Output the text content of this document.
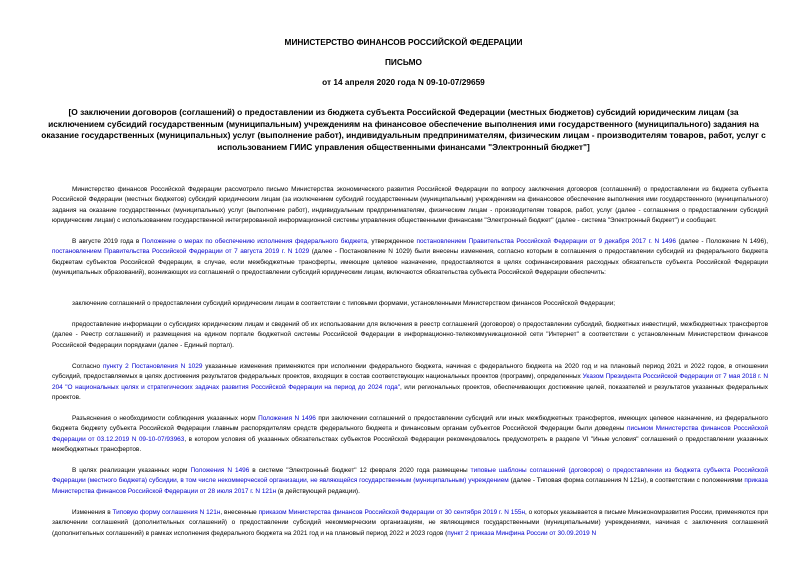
МИНИСТЕРСТВО ФИНАНСОВ РОССИЙСКОЙ ФЕДЕРАЦИИ
ПИСЬМО
от 14 апреля 2020 года N 09-10-07/29659
[О заключении договоров (соглашений) о предоставлении из бюджета субъекта Российской Федерации (местных бюджетов) субсидий юридическим лицам (за исключением субсидий государственным (муниципальным) учреждениям на финансовое обеспечение выполнения ими государственного (муниципального) задания на оказание государственных (муниципальных) услуг (выполнение работ), индивидуальным предпринимателям, физическим лицам - производителям товаров, работ, услуг с использованием ГИИС управления общественными финансами "Электронный бюджет"]
Министерство финансов Российской Федерации рассмотрело письмо Министерства экономического развития Российской Федерации по вопросу заключения договоров (соглашений) о предоставлении из бюджета субъекта Российской Федерации (местных бюджетов) субсидий юридическим лицам (за исключением субсидий государственным (муниципальным) учреждениям на финансовое обеспечение выполнения ими государственного (муниципального) задания на оказание государственных (муниципальных) услуг (выполнение работ), индивидуальным предпринимателям, физическим лицам - производителям товаров, работ, услуг (далее - соглашения о предоставлении субсидий юридическим лицам) с использованием государственной интегрированной информационной системы управления общественными финансами "Электронный бюджет" (далее - система "Электронный бюджет") и сообщает.
В августе 2019 года в Положение о мерах по обеспечению исполнения федерального бюджета, утвержденное постановлением Правительства Российской Федерации от 9 декабря 2017 г. N 1496 (далее - Положение N 1496), постановлением Правительства Российской Федерации от 7 августа 2019 г. N 1029 (далее - Постановление N 1029) были внесены изменения, согласно которым в соглашения о предоставлении субсидий из федерального бюджета бюджетам субъектов Российской Федерации, в случае, если межбюджетные трансферты, имеющие целевое назначение, предоставляются в целях софинансирования расходных обязательств субъекта Российской Федерации (муниципальных образований), возникающих из соглашений о предоставлении субсидий юридическим лицам, включаются обязательства субъекта Российской Федерации обеспечить:
заключение соглашений о предоставлении субсидий юридическим лицам в соответствии с типовыми формами, установленными Министерством финансов Российской Федерации;
предоставление информации о субсидиях юридическим лицам и сведений об их использовании для включения в реестр соглашений (договоров) о предоставлении субсидий, бюджетных инвестиций, межбюджетных трансфертов (далее - Реестр соглашений) и размещения на едином портале бюджетной системы Российской Федерации в информационно-телекоммуникационной сети "Интернет" в соответствии с установленным Министерством финансов Российской Федерации порядками (далее - Единый портал).
Согласно пункту 2 Постановления N 1029 указанные изменения применяются при исполнении федерального бюджета, начиная с федерального бюджета на 2020 год и на плановый период 2021 и 2022 годов, в отношении субсидий, предоставляемых в целях достижения результатов федеральных проектов, входящих в состав соответствующих национальных проектов (программ), определенных Указом Президента Российской Федерации от 7 мая 2018 г. N 204 "О национальных целях и стратегических задачах развития Российской Федерации на период до 2024 года", или региональных проектов, обеспечивающих достижение целей, показателей и результатов указанных федеральных проектов.
Разъяснения о необходимости соблюдения указанных норм Положения N 1496 при заключении соглашений о предоставлении субсидий или иных межбюджетных трансфертов, имеющих целевое назначение, из федерального бюджета бюджету субъекта Российской Федерации главным распорядителям средств федерального бюджета и финансовым органам субъектов Российской Федерации были доведены письмом Министерства финансов Российской Федерации от 03.12.2019 N 09-10-07/93963, в котором условия об указанных обязательствах субъектов Российской Федерации рекомендовалось предусмотреть в разделе VI "Иные условия" соглашений о предоставлении указанных межбюджетных трансфертов.
В целях реализации указанных норм Положения N 1496 в системе "Электронный бюджет" 12 февраля 2020 года размещены типовые шаблоны соглашений (договоров) о предоставлении из бюджета субъекта Российской Федерации (местного бюджета) субсидии, в том числе некоммерческой организации, не являющейся государственным (муниципальным) учреждением (далее - Типовая форма соглашения N 121н), в соответствии с положениями приказа Министерства финансов Российской Федерации от 28 июля 2017 г. N 121н (в действующей редакции).
Изменения в Типовую форму соглашения N 121н, внесенные приказом Министерства финансов Российской Федерации от 30 сентября 2019 г. N 155н, о которых указывается в письме Минэкономразвития России, применяются при заключении соглашений (дополнительных соглашений) о предоставлении субсидий некоммерческим организациям, не являющимся государственными (муниципальными) учреждениями, начиная с заключения соглашений (дополнительных соглашений) в рамках исполнения федерального бюджета на 2021 год и на плановый период 2022 и 2023 годов (пункт 2 приказа Минфина России от 30.09.2019 N
